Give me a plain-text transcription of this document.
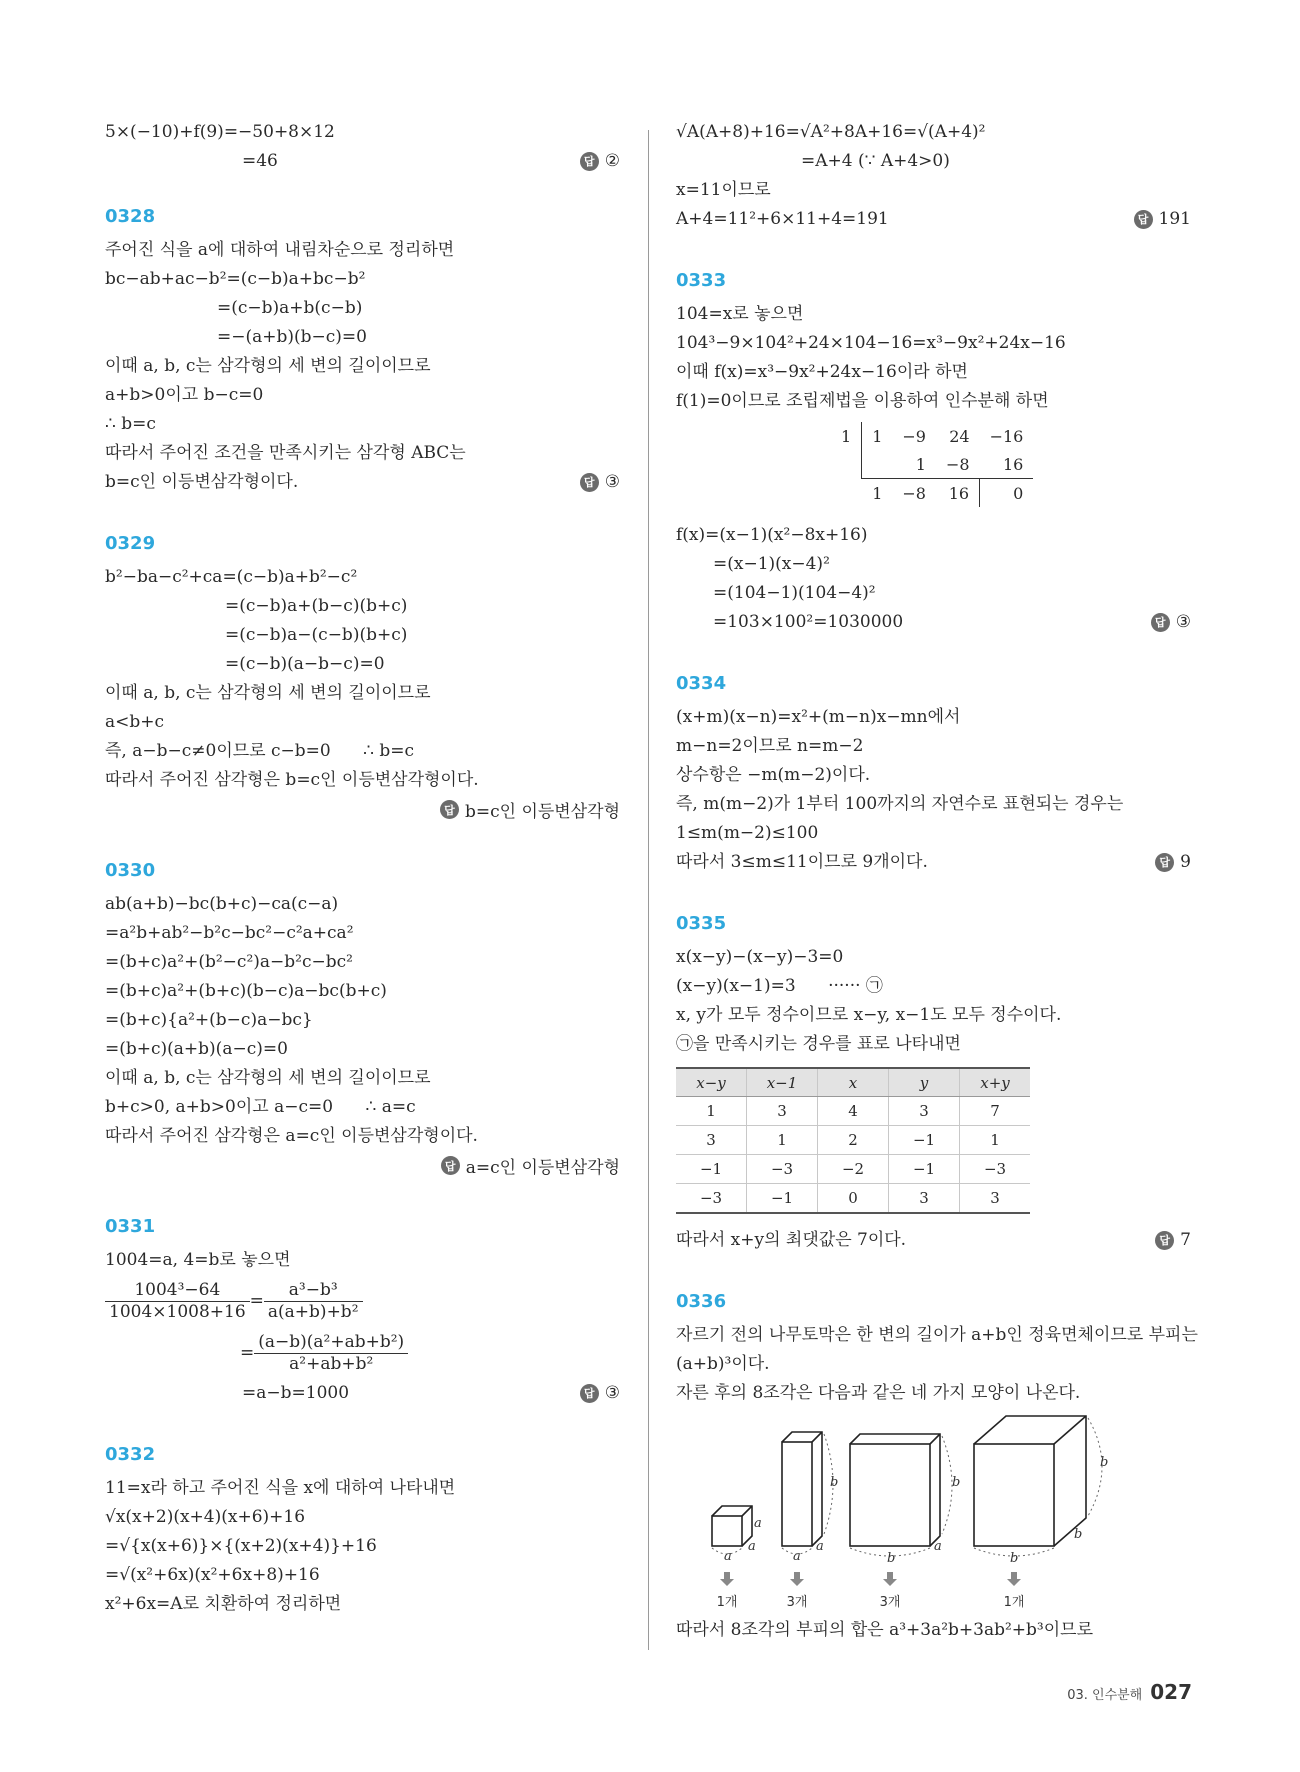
5×(−10)+f(9)=−50+8×12
=46	답 ②
0328
주어진 식을 a에 대하여 내림차순으로 정리하면
bc−ab+ac−b²=(c−b)a+bc−b²
=(c−b)a+b(c−b)
=−(a+b)(b−c)=0
이때 a, b, c는 삼각형의 세 변의 길이이므로
a+b>0이고 b−c=0
∴ b=c
따라서 주어진 조건을 만족시키는 삼각형 ABC는
b=c인 이등변삼각형이다.	답 ③
0329
b²−ba−c²+ca=(c−b)a+b²−c²
=(c−b)a+(b−c)(b+c)
=(c−b)a−(c−b)(b+c)
=(c−b)(a−b−c)=0
이때 a, b, c는 삼각형의 세 변의 길이이므로
a<b+c
즉, a−b−c≠0이므로 c−b=0      ∴ b=c
따라서 주어진 삼각형은 b=c인 이등변삼각형이다.
답 b=c인 이등변삼각형
0330
ab(a+b)−bc(b+c)−ca(c−a)
=a²b+ab²−b²c−bc²−c²a+ca²
=(b+c)a²+(b²−c²)a−b²c−bc²
=(b+c)a²+(b+c)(b−c)a−bc(b+c)
=(b+c){a²+(b−c)a−bc}
=(b+c)(a+b)(a−c)=0
이때 a, b, c는 삼각형의 세 변의 길이이므로
b+c>0, a+b>0이고 a−c=0      ∴ a=c
따라서 주어진 삼각형은 a=c인 이등변삼각형이다.
답 a=c인 이등변삼각형
0331
1004=a, 4=b로 놓으면
$\frac{\text{1004³−64}}{1004\times 1008+16} = \frac{\text{a³−b³}}{\text{a(a+b)+b²}}$
= $\frac{\text{(a−b)(a²+ab+b²)}}{\text{a²+ab+b²}}$
=a−b=1000	답 ③
0332
11=x라 하고 주어진 식을 x에 대하여 나타내면
√x(x+2)(x+4)(x+6)+16
=√{x(x+6)}×{(x+2)(x+4)}+16
=√(x²+6x)(x²+6x+8)+16
x²+6x=A로 치환하여 정리하면
√A(A+8)+16=√A²+8A+16=√(A+4)²
=A+4 (∵ A+4>0)
x=11이므로
A+4=11²+6×11+4=191	답 191
0333
104=x로 놓으면
104³−9×104²+24×104−16=x³−9x²+24x−16
이때 f(x)=x³−9x²+24x−16이라 하면
f(1)=0이므로 조립제법을 이용하여 인수분해 하면
1	1	−9	24	−16
		1	−8	16
	1	−8	16	0
f(x)=(x−1)(x²−8x+16)
=(x−1)(x−4)²
=(104−1)(104−4)²
=103×100²=1030000	답 ③
0334
(x+m)(x−n)=x²+(m−n)x−mn에서
m−n=2이므로 n=m−2
상수항은 −m(m−2)이다.
즉, m(m−2)가 1부터 100까지의 자연수로 표현되는 경우는
1≤m(m−2)≤100
따라서 3≤m≤11이므로 9개이다.	답 9
0335
x(x−y)−(x−y)−3=0
(x−y)(x−1)=3      ······ ㉠
x, y가 모두 정수이므로 x−y, x−1도 모두 정수이다.
㉠을 만족시키는 경우를 표로 나타내면
x−y	x−1	x	y	x+y
1	3	4	3	7
3	1	2	−1	1
−1	−3	−2	−1	−3
−3	−1	0	3	3
따라서 x+y의 최댓값은 7이다.	답 7
0336
자르기 전의 나무토막은 한 변의 길이가 a+b인 정육면체이므로 부피는
(a+b)³이다.
자른 후의 8조각은 다음과 같은 네 가지 모양이 나온다.
a
a
a
a
a
b
b
a
b
b
b
b
1개	3개	3개	1개
따라서 8조각의 부피의 합은 a³+3a²b+3ab²+b³이므로
03. 인수분해 027
